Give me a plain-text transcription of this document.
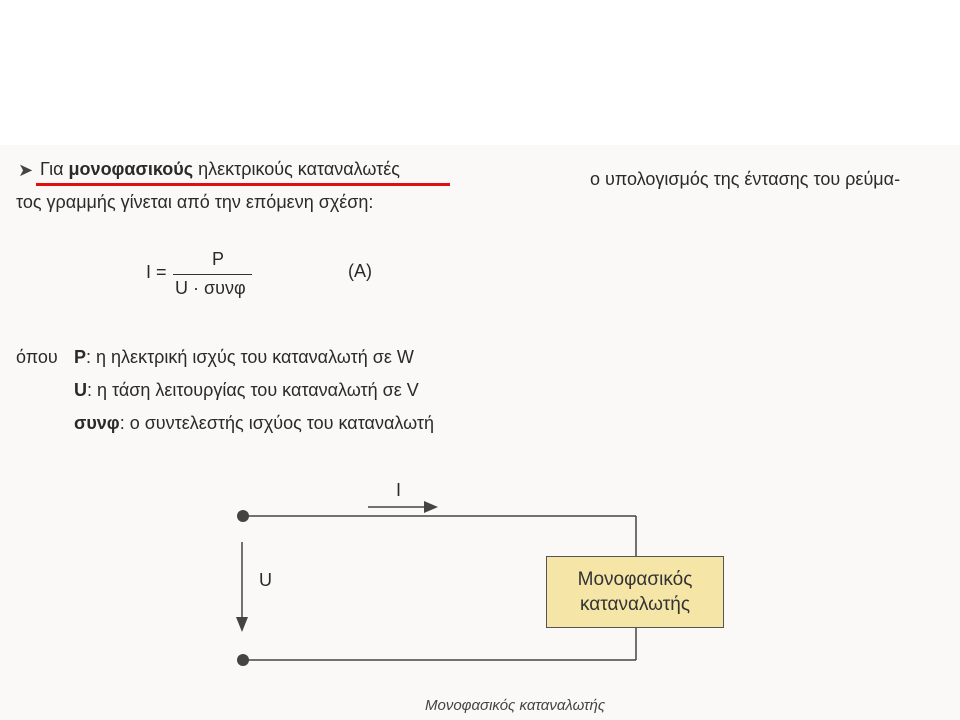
➤ Για μονοφασικούς ηλεκτρικούς καταναλωτές	ο υπολογισμός της έντασης του ρεύμα-
τος γραμμής γίνεται από την επόμενη σχέση:
I =
P
U · συνφ
(A)
όπου P: η ηλεκτρική ισχύς του καταναλωτή σε W
U: η τάση λειτουργίας του καταναλωτή σε V
συνφ: ο συντελεστής ισχύος του καταναλωτή
I
U	Μονοφασικός
καταναλωτής
Μονοφασικός καταναλωτής
